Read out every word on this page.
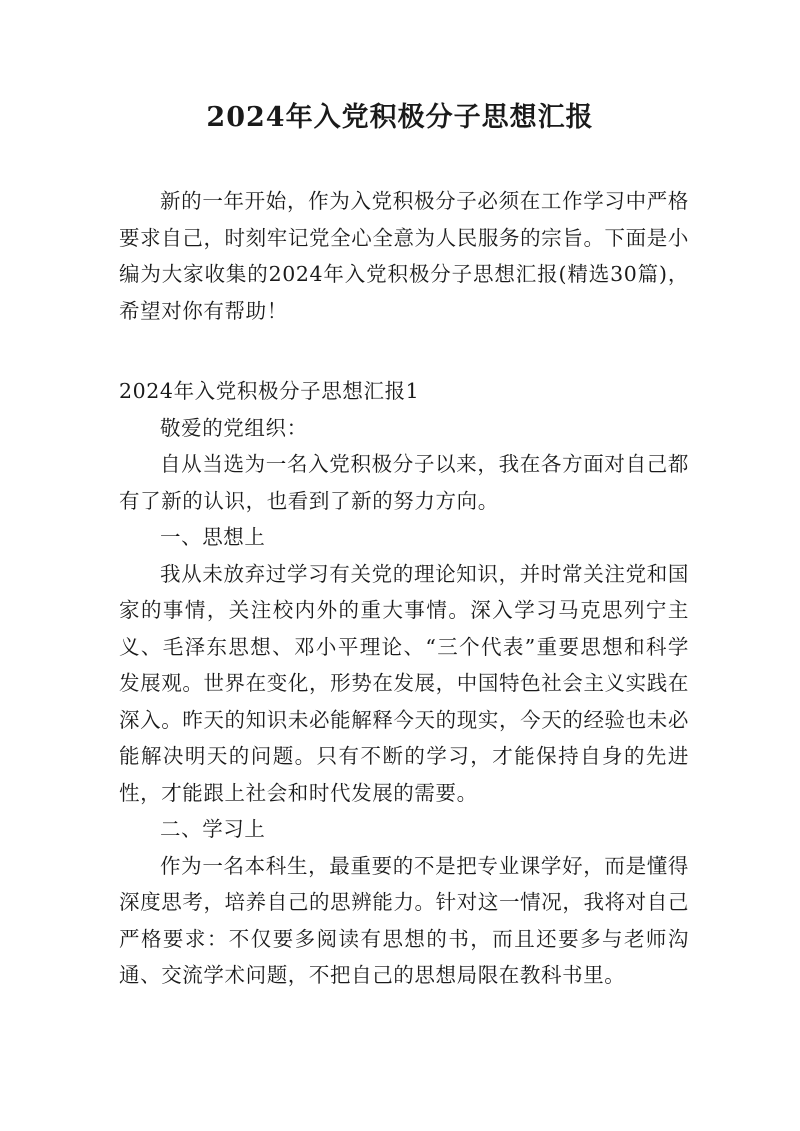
2024年入党积极分子思想汇报

新的一年开始，作为入党积极分子必须在工作学习中严格要求自己，时刻牢记党全心全意为人民服务的宗旨。下面是小编为大家收集的2024年入党积极分子思想汇报(精选30篇)，希望对你有帮助！

2024年入党积极分子思想汇报1

敬爱的党组织：

自从当选为一名入党积极分子以来，我在各方面对自己都有了新的认识，也看到了新的努力方向。

一、思想上

我从未放弃过学习有关党的理论知识，并时常关注党和国家的事情，关注校内外的重大事情。深入学习马克思列宁主义、毛泽东思想、邓小平理论、“三个代表”重要思想和科学发展观。世界在变化，形势在发展，中国特色社会主义实践在深入。昨天的知识未必能解释今天的现实，今天的经验也未必能解决明天的问题。只有不断的学习，才能保持自身的先进性，才能跟上社会和时代发展的需要。

二、学习上

作为一名本科生，最重要的不是把专业课学好，而是懂得深度思考，培养自己的思辨能力。针对这一情况，我将对自己严格要求：不仅要多阅读有思想的书，而且还要多与老师沟通、交流学术问题，不把自己的思想局限在教科书里。
